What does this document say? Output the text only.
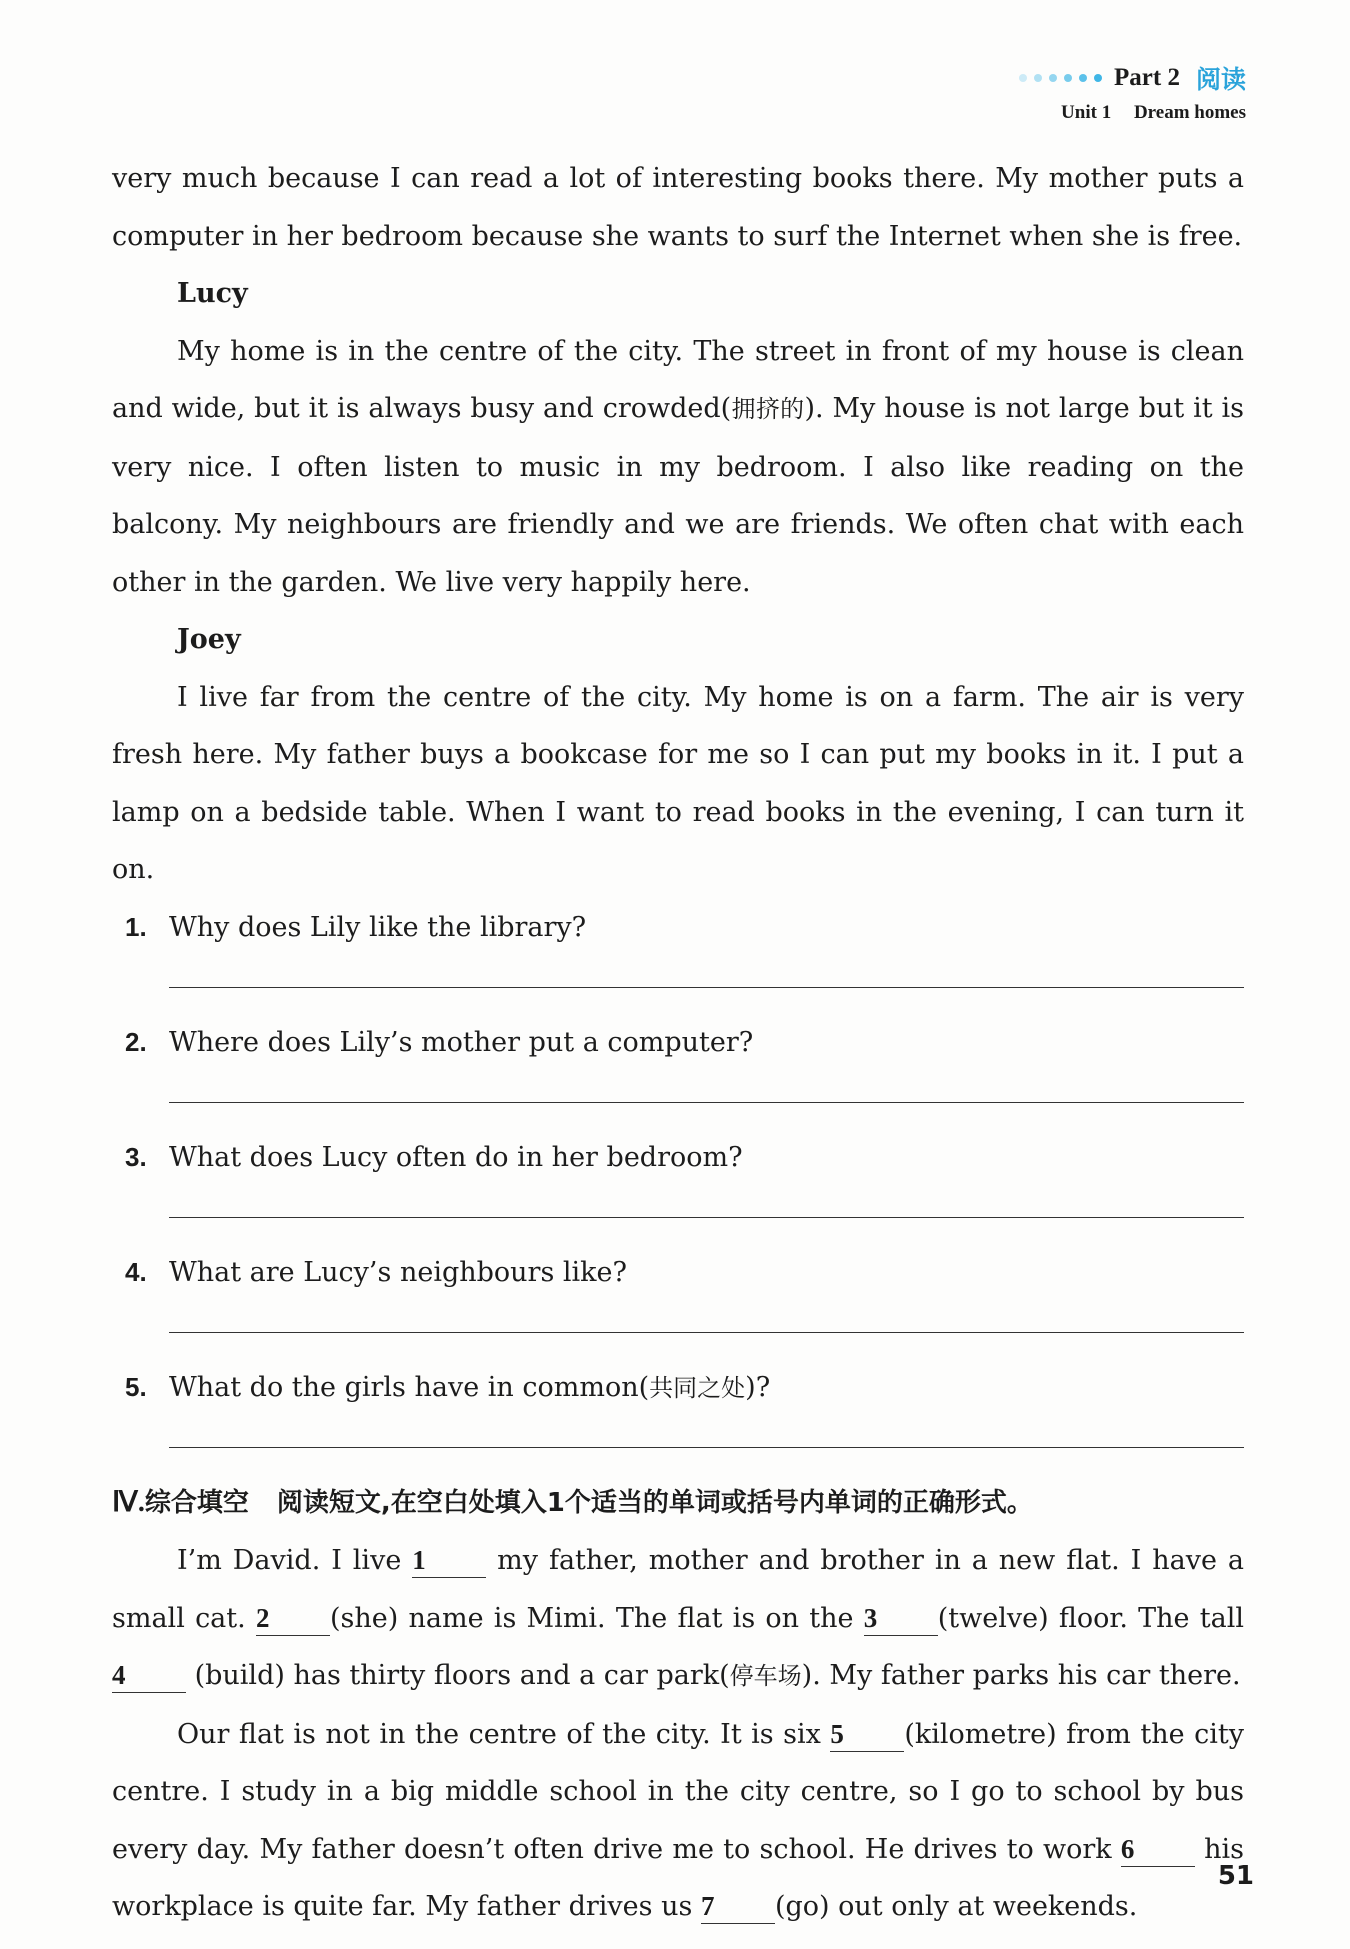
Part 2 阅读
Unit 1 Dream homes

very much because I can read a lot of interesting books there. My mother puts a computer in her bedroom because she wants to surf the Internet when she is free.

Lucy

My home is in the centre of the city. The street in front of my house is clean and wide, but it is always busy and crowded(拥挤的). My house is not large but it is very nice. I often listen to music in my bedroom. I also like reading on the balcony. My neighbours are friendly and we are friends. We often chat with each other in the garden. We live very happily here.

Joey

I live far from the centre of the city. My home is on a farm. The air is very fresh here. My father buys a bookcase for me so I can put my books in it. I put a lamp on a bedside table. When I want to read books in the evening, I can turn it on.

1. Why does Lily like the library?
2. Where does Lily’s mother put a computer?
3. What does Lucy often do in her bedroom?
4. What are Lucy’s neighbours like?
5. What do the girls have in common(共同之处)?

Ⅳ.综合填空 阅读短文,在空白处填入1个适当的单词或括号内单词的正确形式。

I’m David. I live 1	my father, mother and brother in a new flat. I have a small cat. 2 (she) name is Mimi. The flat is on the 3 (twelve) floor. The tall 4	(build) has thirty floors and a car park(停车场). My father parks his car there.

Our flat is not in the centre of the city. It is six 5 (kilometre) from the city centre. I study in a big middle school in the city centre, so I go to school by bus every day. My father doesn’t often drive me to school. He drives to work 6	his workplace is quite far. My father drives us 7 (go) out only at weekends.

51
